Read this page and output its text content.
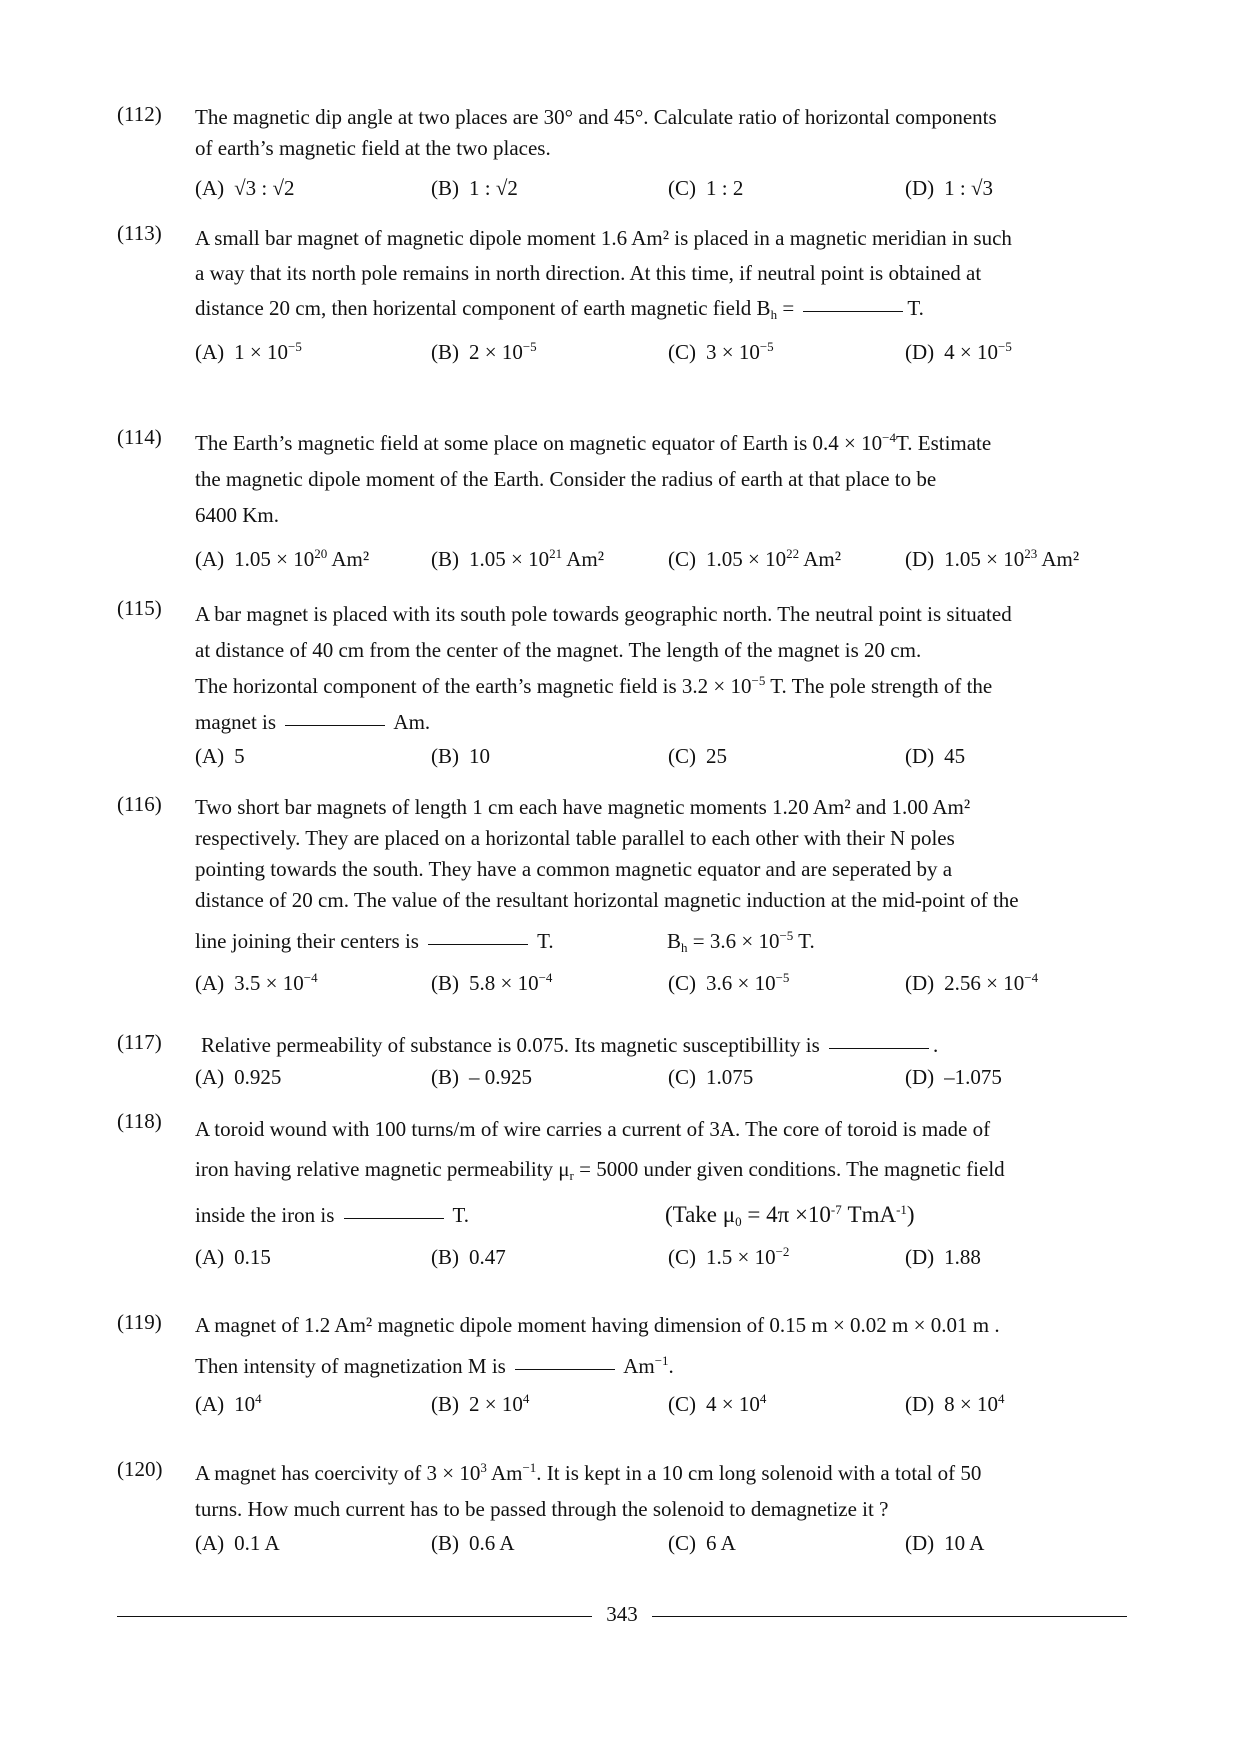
(112)	The magnetic dip angle at two places are 30° and 45°. Calculate ratio of horizontal components
of earth’s magnetic field at the two places.
(A) √3 : √2	(B) 1 : √2	(C) 1 : 2	(D) 1 : √3
(113)	A small bar magnet of magnetic dipole moment 1.6 Am² is placed in a magnetic meridian in such
a way that its north pole remains in north direction. At this time, if neutral point is obtained at
distance 20 cm, then horizental component of earth magnetic field $B_h$ =	T.
(A) $1 \times 10^{-5}$	(B) $2 \times 10^{-5}$	(C) $3 \times 10^{-5}$	(D) $4 \times 10^{-5}$
(114)	The Earth’s magnetic field at some place on magnetic equator of Earth is $0.4 \times 10^{-4}T$. Estimate
the magnetic dipole moment of the Earth. Consider the radius of earth at that place to be
6400 Km.
(A) $1.05 \times 10^{20}$ Am²	(B) $1.05 \times 10^{21}$ Am²	(C) $1.05 \times 10^{22}$ Am²	(D) $1.05 \times 10^{23}$ Am²
(115)	A bar magnet is placed with its south pole towards geographic north. The neutral point is situated
at distance of 40 cm from the center of the magnet. The length of the magnet is 20 cm.
The horizontal component of the earth’s magnetic field is $3.2 \times 10^{-5}$ T. The pole strength of the
magnet is	Am.
(A) 5	(B) 10	(C) 25	(D) 45
(116)	Two short bar magnets of length 1 cm each have magnetic moments 1.20 Am² and 1.00 Am²
respectively. They are placed on a horizontal table parallel to each other with their N poles
pointing towards the south. They have a common magnetic equator and are seperated by a
distance of 20 cm. The value of the resultant horizontal magnetic induction at the mid-point of the
line joining their centers is	T.	$B_h = 3.6 \times 10^{-5}$ T.
(A) $3.5 \times 10^{-4}$	(B) $5.8 \times 10^{-4}$	(C) $3.6 \times 10^{-5}$	(D) $2.56 \times 10^{-4}$
(117)	Relative permeability of substance is 0.075. Its magnetic susceptibillity is	.
(A) 0.925	(B) – 0.925	(C) 1.075	(D) –1.075
(118)	A toroid wound with 100 turns/m of wire carries a current of 3A. The core of toroid is made of
iron having relative magnetic permeability $\mu_r = 5000$ under given conditions. The magnetic field
inside the iron is	T.	(Take $\mu_0 = 4\pi \times 10^{-7}$ TmA$^{-1}$)
(A) 0.15	(B) 0.47	(C) $1.5 \times 10^{-2}$	(D) 1.88
(119)	A magnet of 1.2 Am² magnetic dipole moment having dimension of 0.15 m × 0.02 m × 0.01 m .
Then intensity of magnetization M is	$Am^{-1}$.
(A) $10^4$	(B) $2 \times 10^4$	(C) $4 \times 10^4$	(D) $8 \times 10^4$
(120)	A magnet has coercivity of $3 \times 10^3$ $Am^{-1}$. It is kept in a 10 cm long solenoid with a total of 50
turns. How much current has to be passed through the solenoid to demagnetize it ?
(A) 0.1 A	(B) 0.6 A	(C) 6 A	(D) 10 A
343
